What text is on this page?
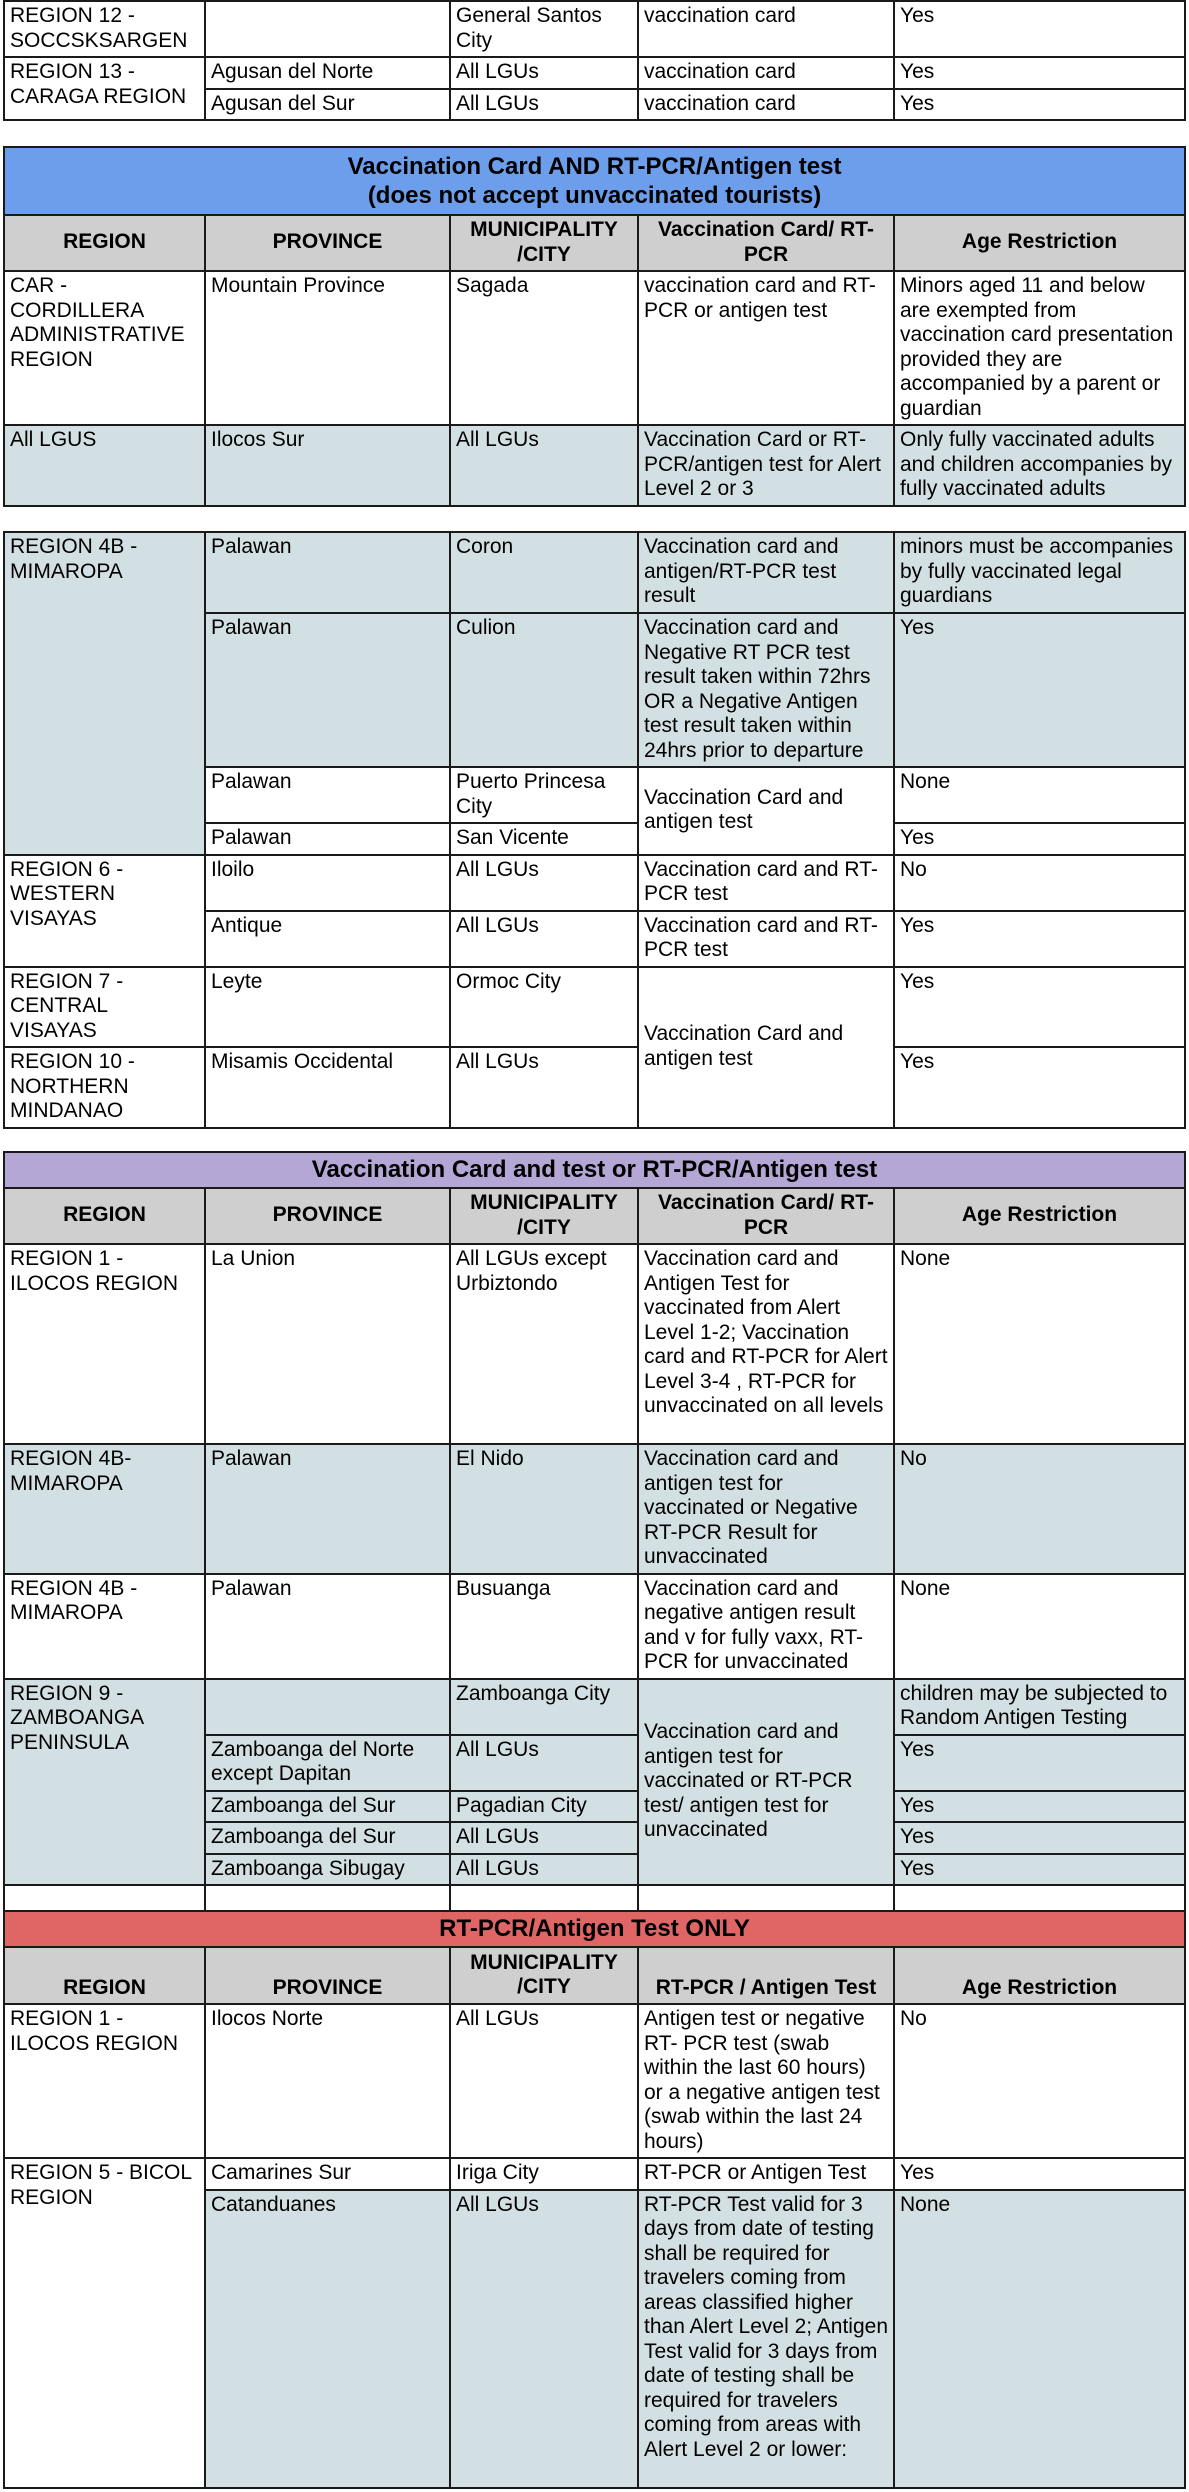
REGION 12 - SOCCSKSARGEN		General Santos City	vaccination card	Yes
REGION 13 - CARAGA REGION	Agusan del Norte	All LGUs	vaccination card	Yes
	Agusan del Sur	All LGUs	vaccination card	Yes
Vaccination Card AND RT-PCR/Antigen test
(does not accept unvaccinated tourists)				

REGION	PROVINCE	MUNICIPALITY /CITY	Vaccination Card/ RT-PCR	Age Restriction
CAR - CORDILLERA ADMINISTRATIVE REGION	Mountain Province	Sagada	vaccination card and RT-PCR or antigen test	Minors aged 11 and below are exempted from vaccination card presentation provided they are accompanied by a parent or guardian
All LGUS	Ilocos Sur	All LGUs	Vaccination Card or RT-PCR/antigen test for Alert Level 2 or 3	Only fully vaccinated adults and children accompanies by fully vaccinated adults
REGION 4B - MIMAROPA	Palawan	Coron	Vaccination card and antigen/RT-PCR test result	minors must be accompanies by fully vaccinated legal guardians
	Palawan	Culion	Vaccination card and Negative RT PCR test result taken within 72hrs OR a Negative Antigen test result taken within 24hrs prior to departure	Yes
	Palawan	Puerto Princesa City	Vaccination Card and antigen test	None
	Palawan	San Vicente		Yes
REGION 6 - WESTERN VISAYAS	Iloilo	All LGUs	Vaccination card and RT-PCR test	No
	Antique	All LGUs	Vaccination card and RT-PCR test	Yes
REGION 7 - CENTRAL VISAYAS	Leyte	Ormoc City	Vaccination Card and antigen test	Yes
REGION 10 - NORTHERN MINDANAO	Misamis Occidental	All LGUs		Yes
Vaccination Card and test or RT-PCR/Antigen test				
REGION	PROVINCE	MUNICIPALITY /CITY	Vaccination Card/ RT-PCR	Age Restriction
REGION 1 - ILOCOS REGION	La Union	All LGUs except Urbiztondo	Vaccination card and Antigen Test for vaccinated from Alert Level 1-2; Vaccination card and RT-PCR for Alert Level 3-4 , RT-PCR for unvaccinated on all levels	None
REGION 4B- MIMAROPA	Palawan	El Nido	Vaccination card and antigen test for vaccinated or Negative RT-PCR Result for unvaccinated	No
REGION 4B - MIMAROPA	Palawan	Busuanga	Vaccination card and negative antigen result and v for fully vaxx, RT-PCR for unvaccinated	None
REGION 9 - ZAMBOANGA PENINSULA		Zamboanga City	Vaccination card and antigen test for vaccinated or RT-PCR test/ antigen test for unvaccinated	children may be subjected to Random Antigen Testing
	Zamboanga del Norte except Dapitan	All LGUs		Yes
	Zamboanga del Sur	Pagadian City		Yes
	Zamboanga del Sur	All LGUs		Yes
	Zamboanga Sibugay	All LGUs		Yes

RT-PCR/Antigen Test ONLY				
REGION	PROVINCE	MUNICIPALITY /CITY	RT-PCR / Antigen Test	Age Restriction
REGION 1 - ILOCOS REGION	Ilocos Norte	All LGUs	Antigen test or negative RT- PCR test (swab within the last 60 hours) or a negative antigen test (swab within the last 24 hours)	No
REGION 5 - BICOL REGION	Camarines Sur	Iriga City	RT-PCR or Antigen Test	Yes
	Catanduanes	All LGUs	RT-PCR Test valid for 3 days from date of testing shall be required for travelers coming from areas classified higher than Alert Level 2; Antigen Test valid for 3 days from date of testing shall be required for travelers coming from areas with Alert Level 2 or lower:	None
